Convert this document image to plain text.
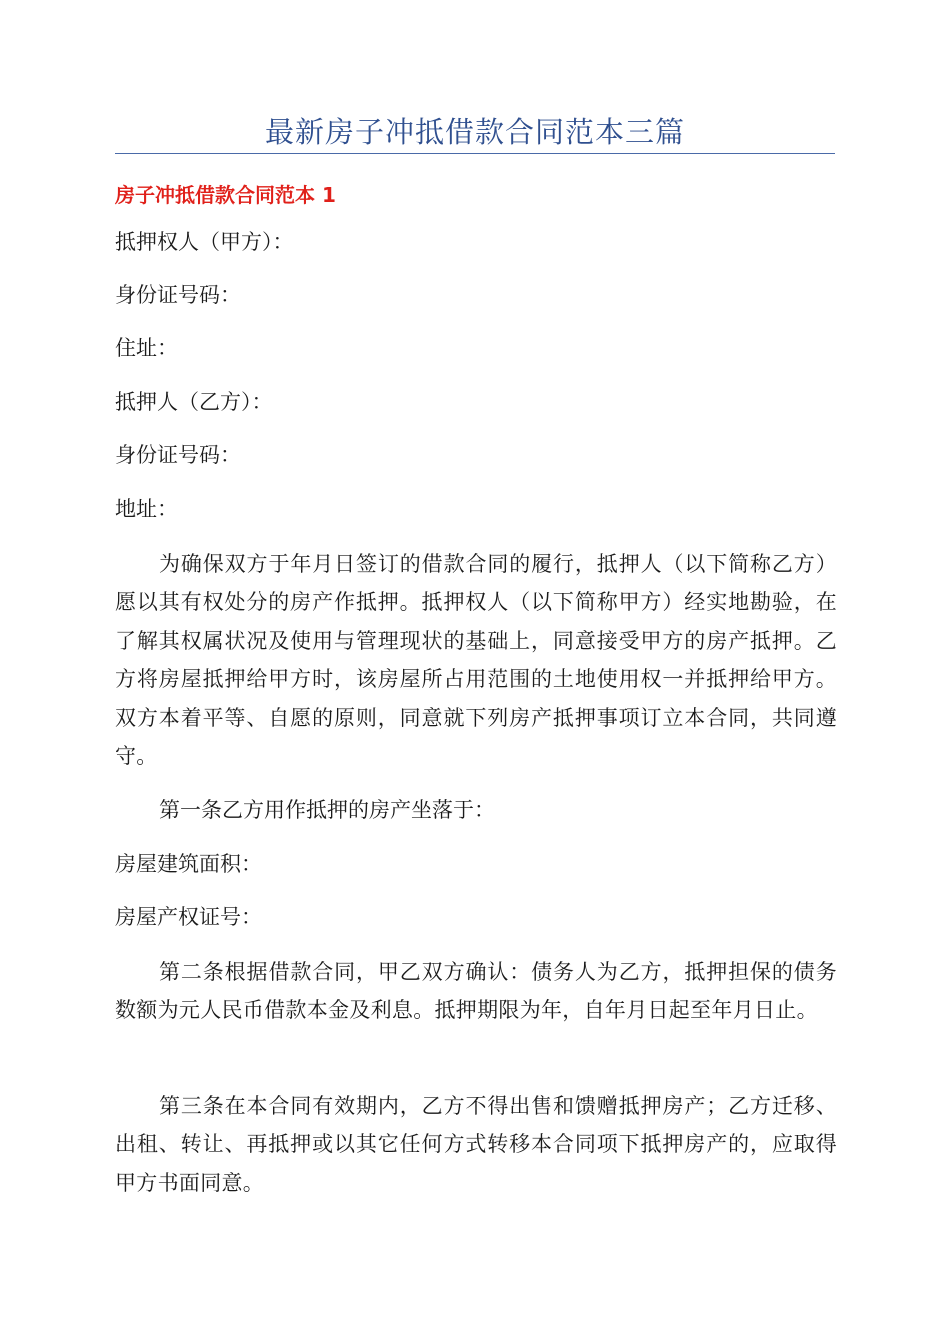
最新房子冲抵借款合同范本三篇
房子冲抵借款合同范本 1
抵押权人（甲方）：
身份证号码：
住址：
抵押人（乙方）：
身份证号码：
地址：
为确保双方于年月日签订的借款合同的履行，抵押人（以下简称乙方）愿以其有权处分的房产作抵押。抵押权人（以下简称甲方）经实地勘验，在了解其权属状况及使用与管理现状的基础上，同意接受甲方的房产抵押。乙方将房屋抵押给甲方时，该房屋所占用范围的土地使用权一并抵押给甲方。双方本着平等、自愿的原则，同意就下列房产抵押事项订立本合同，共同遵守。
第一条乙方用作抵押的房产坐落于：
房屋建筑面积：
房屋产权证号：
第二条根据借款合同，甲乙双方确认：债务人为乙方，抵押担保的债务数额为元人民币借款本金及利息。抵押期限为年，自年月日起至年月日止。
第三条在本合同有效期内，乙方不得出售和馈赠抵押房产；乙方迁移、出租、转让、再抵押或以其它任何方式转移本合同项下抵押房产的，应取得甲方书面同意。
